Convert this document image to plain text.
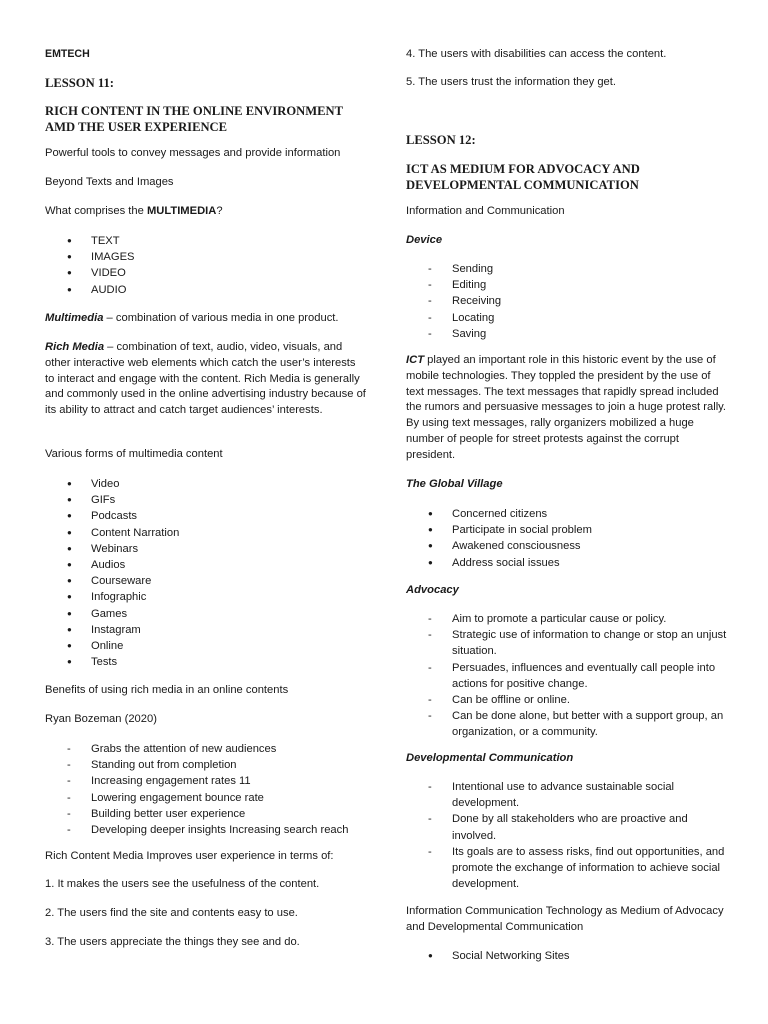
EMTECH

LESSON 11:

RICH CONTENT IN THE ONLINE ENVIRONMENT AMD THE USER EXPERIENCE

Powerful tools to convey messages and provide information

Beyond Texts and Images

What comprises the MULTIMEDIA?

● TEXT
● IMAGES
● VIDEO
● AUDIO

Multimedia – combination of various media in one product.

Rich Media – combination of text, audio, video, visuals, and other interactive web elements which catch the user’s interests to interact and engage with the content. Rich Media is generally and commonly used in the online advertising industry because of its ability to attract and catch target audiences’ interests.

Various forms of multimedia content

● Video
● GIFs
● Podcasts
● Content Narration
● Webinars
● Audios
● Courseware
● Infographic
● Games
● Instagram
● Online
● Tests

Benefits of using rich media in an online contents

Ryan Bozeman (2020)

- Grabs the attention of new audiences
- Standing out from completion
- Increasing engagement rates 11
- Lowering engagement bounce rate
- Building better user experience
- Developing deeper insights Increasing search reach

Rich Content Media Improves user experience in terms of:

1. It makes the users see the usefulness of the content.

2. The users find the site and contents easy to use.

3. The users appreciate the things they see and do.

4. The users with disabilities can access the content.

5. The users trust the information they get.

LESSON 12:

ICT AS MEDIUM FOR ADVOCACY AND DEVELOPMENTAL COMMUNICATION

Information and Communication

Device

- Sending
- Editing
- Receiving
- Locating
- Saving

ICT played an important role in this historic event by the use of mobile technologies. They toppled the president by the use of text messages. The text messages that rapidly spread included the rumors and persuasive messages to join a huge protest rally. By using text messages, rally organizers mobilized a huge number of people for street protests against the corrupt president.

The Global Village

● Concerned citizens
● Participate in social problem
● Awakened consciousness
● Address social issues

Advocacy

- Aim to promote a particular cause or policy.
- Strategic use of information to change or stop an unjust situation.
- Persuades, influences and eventually call people into actions for positive change.
- Can be offline or online.
- Can be done alone, but better with a support group, an organization, or a community.

Developmental Communication

- Intentional use to advance sustainable social development.
- Done by all stakeholders who are proactive and involved.
- Its goals are to assess risks, find out opportunities, and promote the exchange of information to achieve social development.

Information Communication Technology as Medium of Advocacy and Developmental Communication

● Social Networking Sites
